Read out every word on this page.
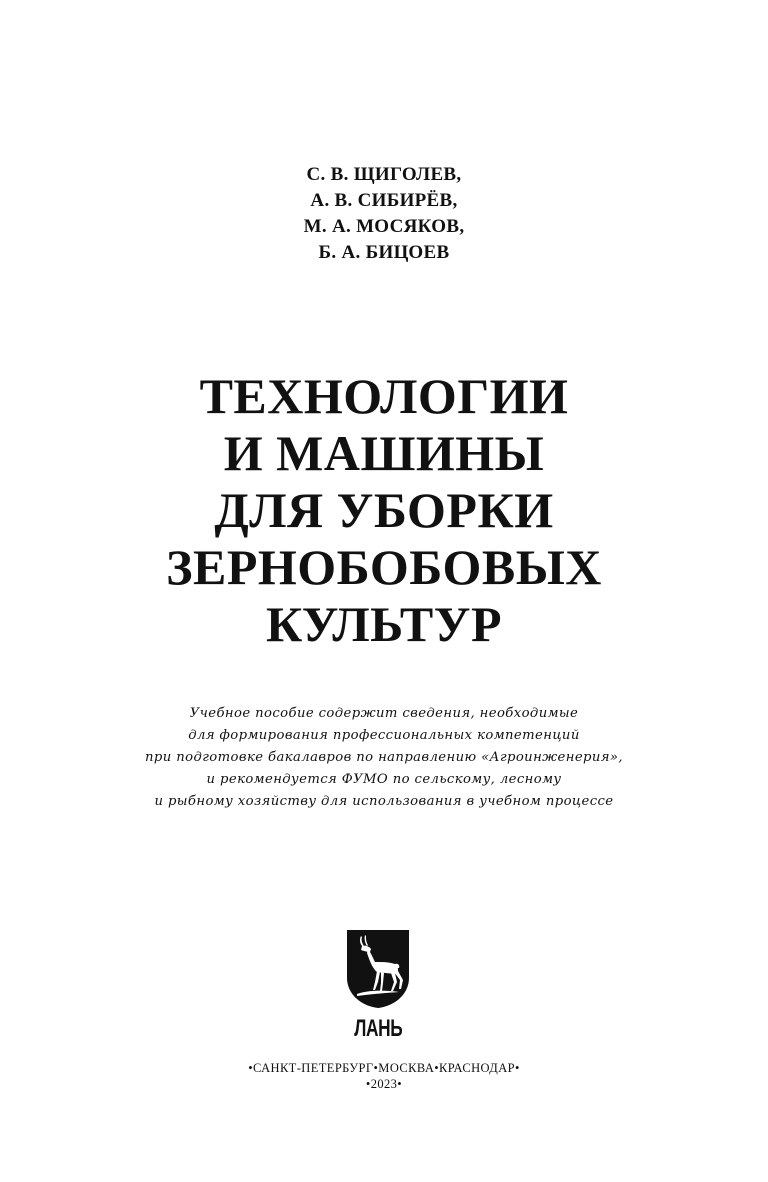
С. В. ЩИГОЛЕВ,
А. В. СИБИРЁВ,
М. А. МОСЯКОВ,
Б. А. БИЦОЕВ
ТЕХНОЛОГИИ
И МАШИНЫ
ДЛЯ УБОРКИ
ЗЕРНОБОБОВЫХ
КУЛЬТУР
Учебное пособие содержит сведения, необходимые
для формирования профессиональных компетенций
при подготовке бакалавров по направлению «Агроинженерия»,
и рекомендуется ФУМО по сельскому, лесному
и рыбному хозяйству для использования в учебном процессе
ЛАНЬ
•САНКТ-ПЕТЕРБУРГ•МОСКВА•КРАСНОДАР•
•2023•
